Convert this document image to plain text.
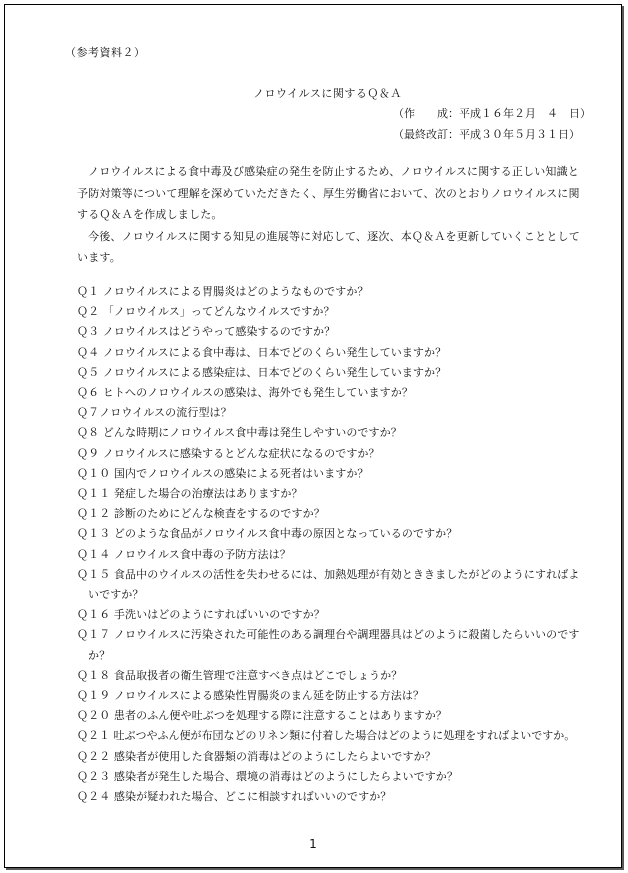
（参考資料２）
ノロウイルスに関するＱ＆Ａ
（作　　成：平成１６年２月　４　日）
（最終改訂：平成３０年５月３１日）

ノロウイルスによる食中毒及び感染症の発生を防止するため、ノロウイルスに関する正しい知識と予防対策等について理解を深めていただきたく、厚生労働省において、次のとおりノロウイルスに関するＱ＆Ａを作成しました。

今後、ノロウイルスに関する知見の進展等に対応して、逐次、本Ｑ＆Ａを更新していくこととしています。

Ｑ１ ノロウイルスによる胃腸炎はどのようなものですか？
Ｑ２ 「ノロウイルス」ってどんなウイルスですか？
Ｑ３ ノロウイルスはどうやって感染するのですか？
Ｑ４ ノロウイルスによる食中毒は、日本でどのくらい発生していますか？
Ｑ５ ノロウイルスによる感染症は、日本でどのくらい発生していますか？
Ｑ６ ヒトへのノロウイルスの感染は、海外でも発生していますか？
Ｑ７ノロウイルスの流行型は？
Ｑ８ どんな時期にノロウイルス食中毒は発生しやすいのですか？
Ｑ９ ノロウイルスに感染するとどんな症状になるのですか？
Ｑ１０ 国内でノロウイルスの感染による死者はいますか？
Ｑ１１ 発症した場合の治療法はありますか？
Ｑ１２ 診断のためにどんな検査をするのですか？
Ｑ１３ どのような食品がノロウイルス食中毒の原因となっているのですか？
Ｑ１４ ノロウイルス食中毒の予防方法は？
Ｑ１５ 食品中のウイルスの活性を失わせるには、加熱処理が有効とききましたがどのようにすればよいですか？
Ｑ１６ 手洗いはどのようにすればいいのですか？
Ｑ１７ ノロウイルスに汚染された可能性のある調理台や調理器具はどのように殺菌したらいいのですか？
Ｑ１８ 食品取扱者の衛生管理で注意すべき点はどこでしょうか？
Ｑ１９ ノロウイルスによる感染性胃腸炎のまん延を防止する方法は？
Ｑ２０ 患者のふん便や吐ぶつを処理する際に注意することはありますか？
Ｑ２１ 吐ぶつやふん便が布団などのリネン類に付着した場合はどのように処理をすればよいですか。
Ｑ２２ 感染者が使用した食器類の消毒はどのようにしたらよいですか？
Ｑ２３ 感染者が発生した場合、環境の消毒はどのようにしたらよいですか？
Ｑ２４ 感染が疑われた場合、どこに相談すればいいのですか？
1
